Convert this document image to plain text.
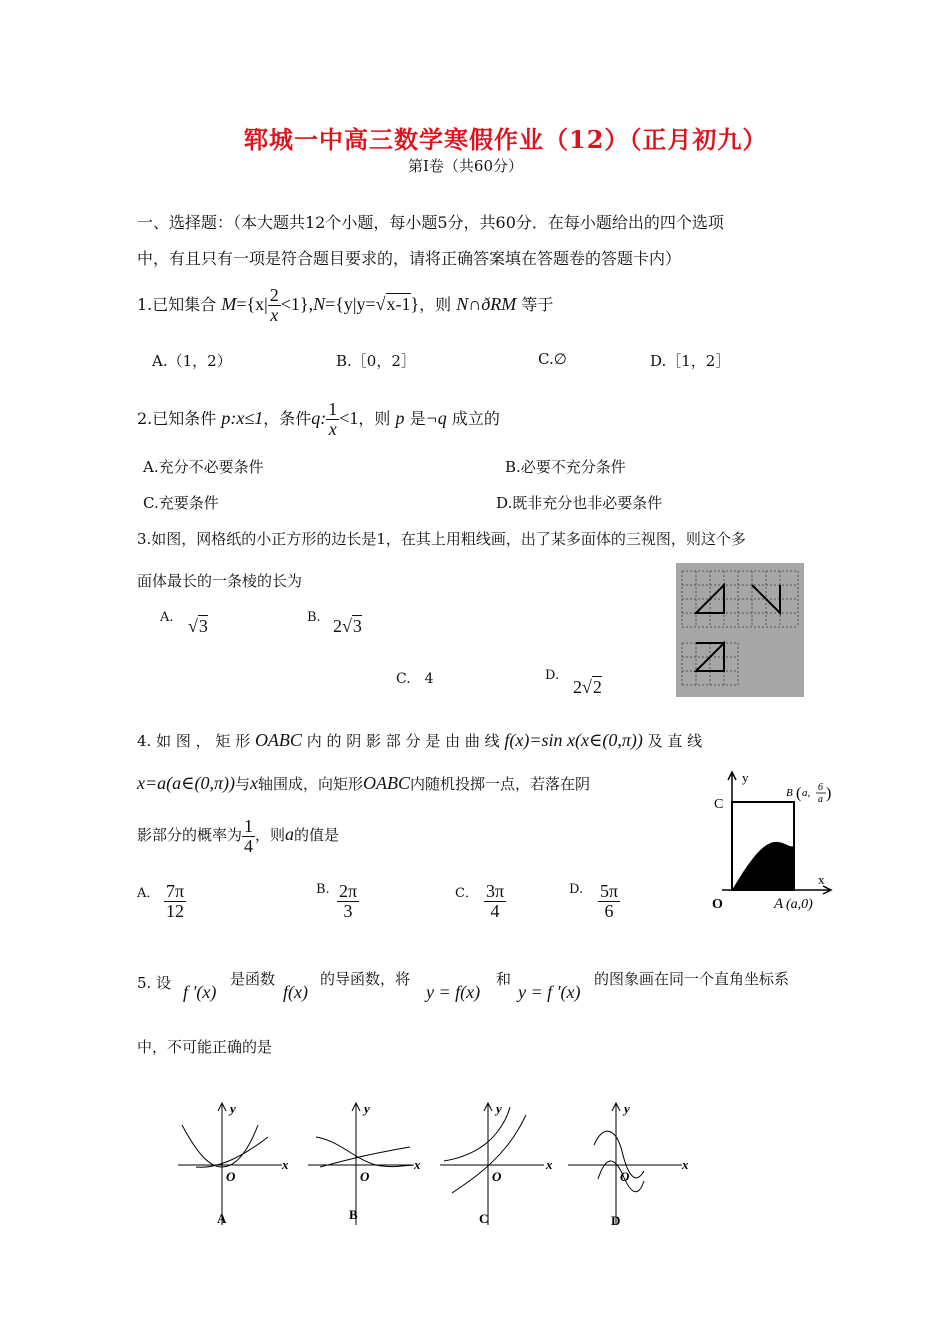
郓城一中高三数学寒假作业（12）（正月初九）
第Ⅰ卷（共60分）
一、选择题：（本大题共12个小题，每小题5分，共60分．在每小题给出的四个选项
中，有且只有一项是符合题目要求的，请将正确答案填在答题卷的答题卡内）
1.已知集合 $M=\{x| \frac{2}{x} <1\},N=\{y|y=√x-1\}$，则 N∩ðRM 等于
A.（1，2）	B.［0，2］	C.∅	D.［1，2］
2.已知条件 p:x≤1，条件q: $\frac{1}{x} <1$，则 p 是¬q 成立的
A.充分不必要条件	B.必要不充分条件
C.充要条件	D.既非充分也非必要条件
3.如图，网格纸的小正方形的边长是1，在其上用粗线画，出了某多面体的三视图，则这个多
面体最长的一条棱的长为
A. √3	B. 2√3
C.　4	D.
2√2
4. 如 图 ， 矩 形 OABC 内 的 阴 影 部 分 是 由 曲 线 f(x)=sin x(x∈(0,π)) 及 直 线
x=a(a∈(0,π))与x轴围成，向矩形OABC内随机投掷一点，若落在阴
影部分的概率为 $\frac{1}{4}$ ，则a的值是
A． $\frac{7\pi}{12}$	B. $\frac{2\pi}{3}$	C． $\frac{3\pi}{4}$	D. $\frac{5\pi}{6}$
y
x
C
O
B ( a, 6
a )
A (a,0)
5. 设 f '(x)
是函数
f(x)
的导函数，将
y = f(x)
和
y = f '(x)
的图象画在同一个直角坐标系
中，不可能正确的是
y
x
O
y
x
O
y
x
O
y
x
O
A	B	C	D
